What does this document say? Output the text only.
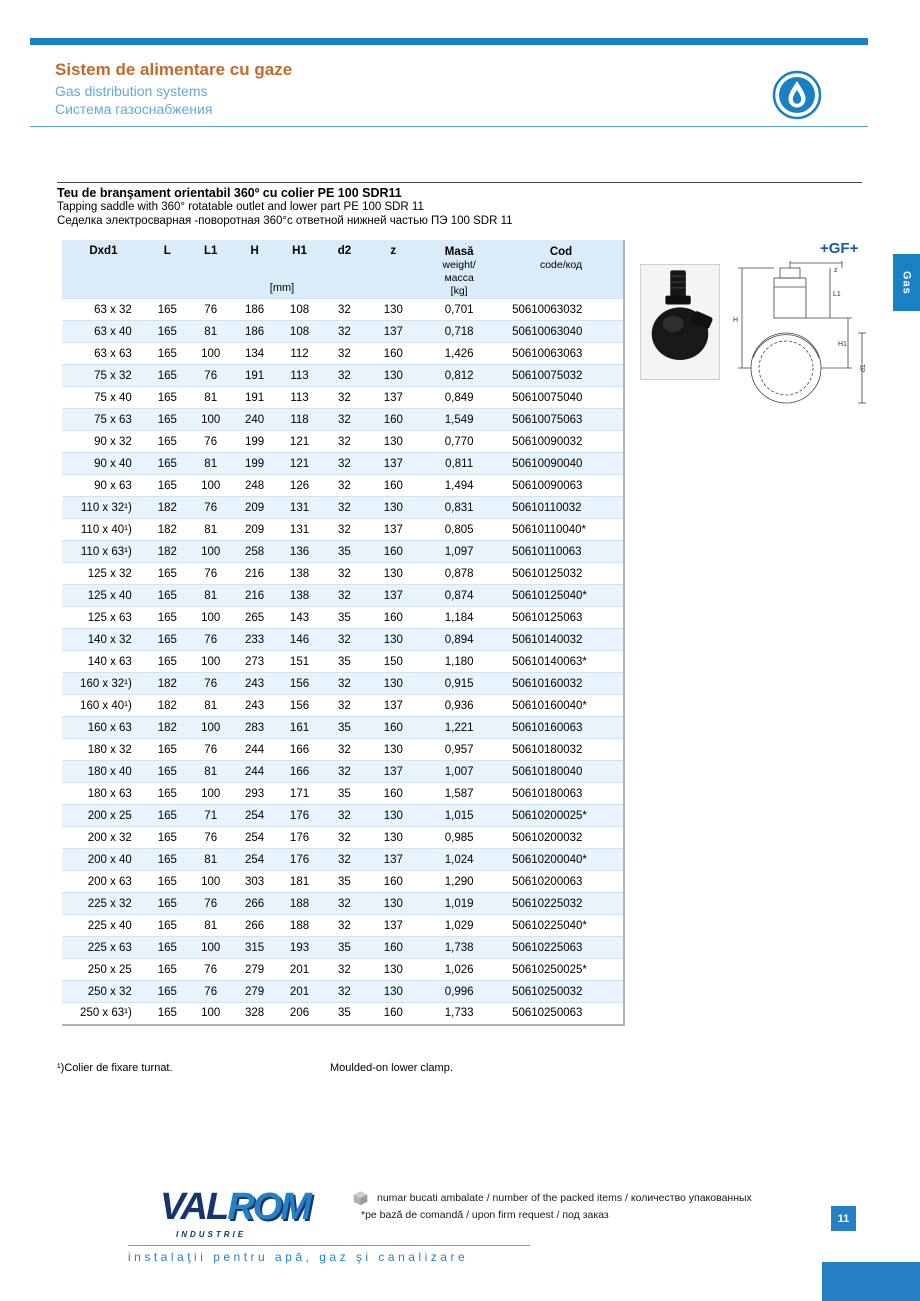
Sistem de alimentare cu gaze
Gas distribution systems
Система газоснабжения
+GF+
Gas
Teu de branşament orientabil 360º cu colier PE 100 SDR11
Tapping saddle with 360° rotatable outlet and lower part PE 100 SDR 11
Седелка электросварная -поворотная 360°с ответной нижней частью ПЭ 100 SDR 11
Dxd1	L	L1	H	H1	d2	z	Masă
weight/
масса
[kg]

Cod
code/код

	[mm]							
63 x 32	165	76	186	108	32	130	0,701	50610063032
63 x 40	165	81	186	108	32	137	0,718	50610063040
63 x 63	165	100	134	112	32	160	1,426	50610063063
75 x 32	165	76	191	113	32	130	0,812	50610075032
75 x 40	165	81	191	113	32	137	0,849	50610075040
75 x 63	165	100	240	118	32	160	1,549	50610075063
90 x 32	165	76	199	121	32	130	0,770	50610090032
90 x 40	165	81	199	121	32	137	0,811	50610090040
90 x 63	165	100	248	126	32	160	1,494	50610090063
110 x 32¹)	182	76	209	131	32	130	0,831	50610110032
110 x 40¹)	182	81	209	131	32	137	0,805	50610110040*
110 x 63¹)	182	100	258	136	35	160	1,097	50610110063
125 x 32	165	76	216	138	32	130	0,878	50610125032
125 x 40	165	81	216	138	32	137	0,874	50610125040*
125 x 63	165	100	265	143	35	160	1,184	50610125063
140 x 32	165	76	233	146	32	130	0,894	50610140032
140 x 63	165	100	273	151	35	150	1,180	50610140063*
160 x 32¹)	182	76	243	156	32	130	0,915	50610160032
160 x 40¹)	182	81	243	156	32	137	0,936	50610160040*
160 x 63	182	100	283	161	35	160	1,221	50610160063
180 x 32	165	76	244	166	32	130	0,957	50610180032
180 x 40	165	81	244	166	32	137	1,007	50610180040
180 x 63	165	100	293	171	35	160	1,587	50610180063
200 x 25	165	71	254	176	32	130	1,015	50610200025*
200 x 32	165	76	254	176	32	130	0,985	50610200032
200 x 40	165	81	254	176	32	137	1,024	50610200040*
200 x 63	165	100	303	181	35	160	1,290	50610200063
225 x 32	165	76	266	188	32	130	1,019	50610225032
225 x 40	165	81	266	188	32	137	1,029	50610225040*
225 x 63	165	100	315	193	35	160	1,738	50610225063
250 x 25	165	76	279	201	32	130	1,026	50610250025*
250 x 32	165	76	279	201	32	130	0,996	50610250032
250 x 63¹)	165	100	328	206	35	160	1,733	50610250063
z
L1
H
H1
d1
¹)Colier de fixare turnat.	Moulded-on lower clamp.
VALROM
INDUSTRIE
instalaţii pentru apă, gaz şi canalizare
numar bucati ambalate / number of the packed items / количество упакованных
*pe bază de comandă / upon firm request / под заказ	11
